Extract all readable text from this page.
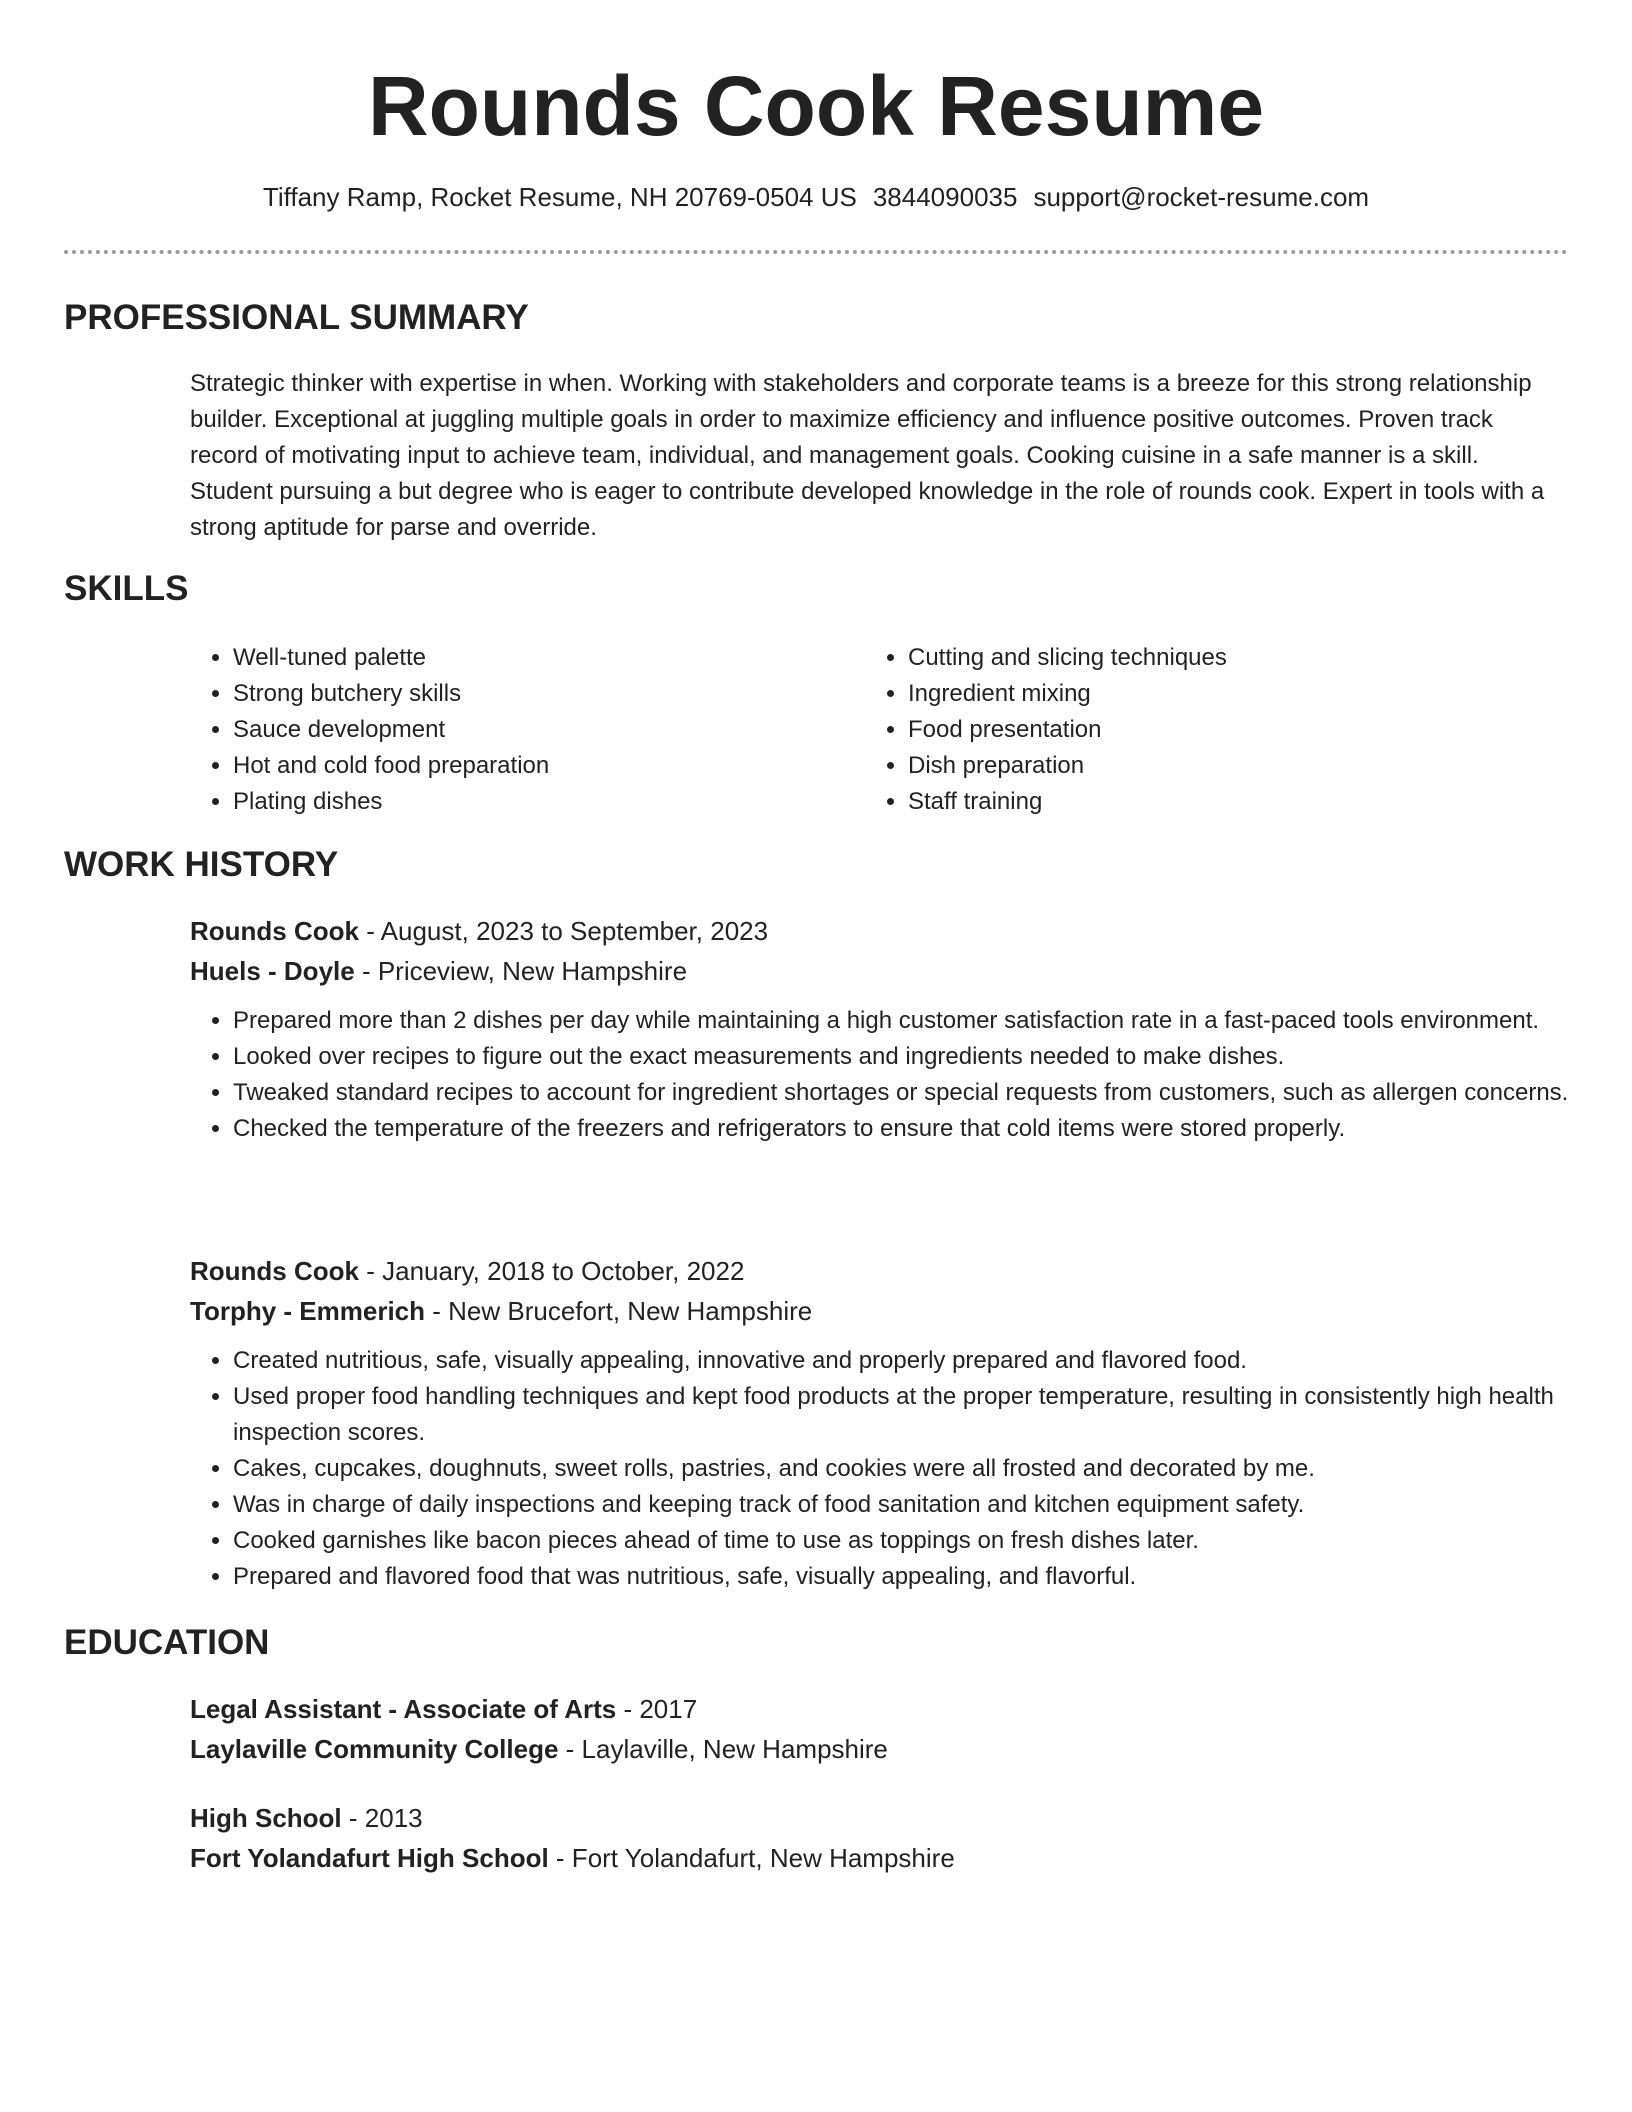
Rounds Cook Resume
Tiffany Ramp, Rocket Resume, NH 20769-0504 US 3844090035 support@rocket-resume.com
PROFESSIONAL SUMMARY

Strategic thinker with expertise in when. Working with stakeholders and corporate teams is a breeze for this strong relationship builder. Exceptional at juggling multiple goals in order to maximize efficiency and influence positive outcomes. Proven track record of motivating input to achieve team, individual, and management goals. Cooking cuisine in a safe manner is a skill. Student pursuing a but degree who is eager to contribute developed knowledge in the role of rounds cook. Expert in tools with a strong aptitude for parse and override.

SKILLS
• Well-tuned palette
• Strong butchery skills
• Sauce development
• Hot and cold food preparation
• Plating dishes
• Cutting and slicing techniques
• Ingredient mixing
• Food presentation
• Dish preparation
• Staff training
WORK HISTORY

Rounds Cook - August, 2023 to September, 2023

Huels - Doyle - Priceview, New Hampshire

• Prepared more than 2 dishes per day while maintaining a high customer satisfaction rate in a fast-paced tools environment.
• Looked over recipes to figure out the exact measurements and ingredients needed to make dishes.
• Tweaked standard recipes to account for ingredient shortages or special requests from customers, such as allergen concerns.
• Checked the temperature of the freezers and refrigerators to ensure that cold items were stored properly.

Rounds Cook - January, 2018 to October, 2022

Torphy - Emmerich - New Brucefort, New Hampshire

• Created nutritious, safe, visually appealing, innovative and properly prepared and flavored food.
• Used proper food handling techniques and kept food products at the proper temperature, resulting in consistently high health inspection scores.
• Cakes, cupcakes, doughnuts, sweet rolls, pastries, and cookies were all frosted and decorated by me.
• Was in charge of daily inspections and keeping track of food sanitation and kitchen equipment safety.
• Cooked garnishes like bacon pieces ahead of time to use as toppings on fresh dishes later.
• Prepared and flavored food that was nutritious, safe, visually appealing, and flavorful.
EDUCATION

Legal Assistant - Associate of Arts - 2017

Laylaville Community College - Laylaville, New Hampshire

High School - 2013

Fort Yolandafurt High School - Fort Yolandafurt, New Hampshire
